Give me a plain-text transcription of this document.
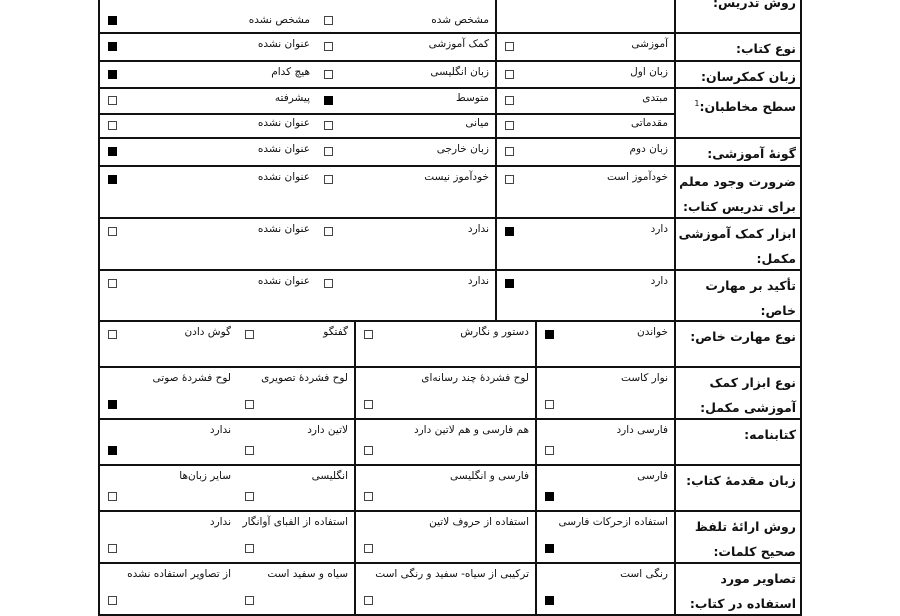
روش تدریس:
مشخص شده
مشخص نشده
نوع کتاب:
آموزشی
کمک آموزشی
عنوان نشده
زبان کمکرسان:
زبان اول
زبان انگلیسی
هیچ کدام
سطح مخاطبان:$^1$
مبتدی
مقدماتی
متوسط
میانی
پیشرفته
عنوان نشده
گونهٔ آموزشی:
زبان دوم
زبان خارجی
عنوان نشده
ضرورت وجود معلم برای تدریس کتاب:
خودآموز است
خودآموز نیست
عنوان نشده
ابزار کمک آموزشی مکمل:
دارد
ندارد
عنوان نشده
تأکید بر مهارت خاص:
دارد
ندارد
عنوان نشده
نوع مهارت خاص:
خواندن
دستور و نگارش
گفتگو
گوش دادن
نوع ابزار کمک آموزشی مکمل:
نوار کاست
لوح فشردهٔ چند رسانه‌ای
لوح فشردهٔ تصویری
لوح فشردهٔ صوتی
کتابنامه:
فارسی دارد
هم فارسی و هم لاتین دارد
لاتین دارد
ندارد
زبان مقدمهٔ کتاب:
فارسی
فارسی و انگلیسی
انگلیسی
سایر زبان‌ها
روش ارائهٔ تلفظ صحیح کلمات:
استفاده ازحرکات فارسی
استفاده از حروف لاتین
استفاده از الفبای آوانگار
ندارد
تصاویر مورد استفاده در کتاب:
رنگی است
ترکیبی از سیاه- سفید و رنگی است
سیاه و سفید است
از تصاویر استفاده نشده
